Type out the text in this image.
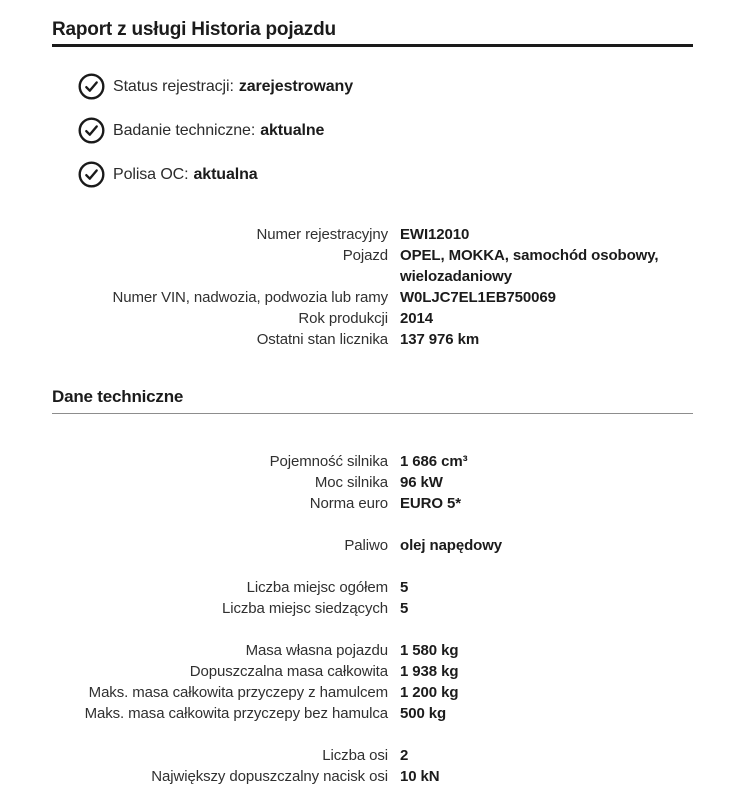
Raport z usługi Historia pojazdu
Status rejestracji: zarejestrowany
Badanie techniczne: aktualne
Polisa OC: aktualna
Numer rejestracyjny EWI12010
Pojazd OPEL, MOKKA, samochód osobowy, wielozadaniowy
Numer VIN, nadwozia, podwozia lub ramy W0LJC7EL1EB750069
Rok produkcji 2014
Ostatni stan licznika 137 976 km
Dane techniczne
Pojemność silnika 1 686 cm³
Moc silnika 96 kW
Norma euro EURO 5*
Paliwo olej napędowy
Liczba miejsc ogółem 5
Liczba miejsc siedzących 5
Masa własna pojazdu 1 580 kg
Dopuszczalna masa całkowita 1 938 kg
Maks. masa całkowita przyczepy z hamulcem 1 200 kg
Maks. masa całkowita przyczepy bez hamulca 500 kg
Liczba osi 2
Największy dopuszczalny nacisk osi 10 kN
